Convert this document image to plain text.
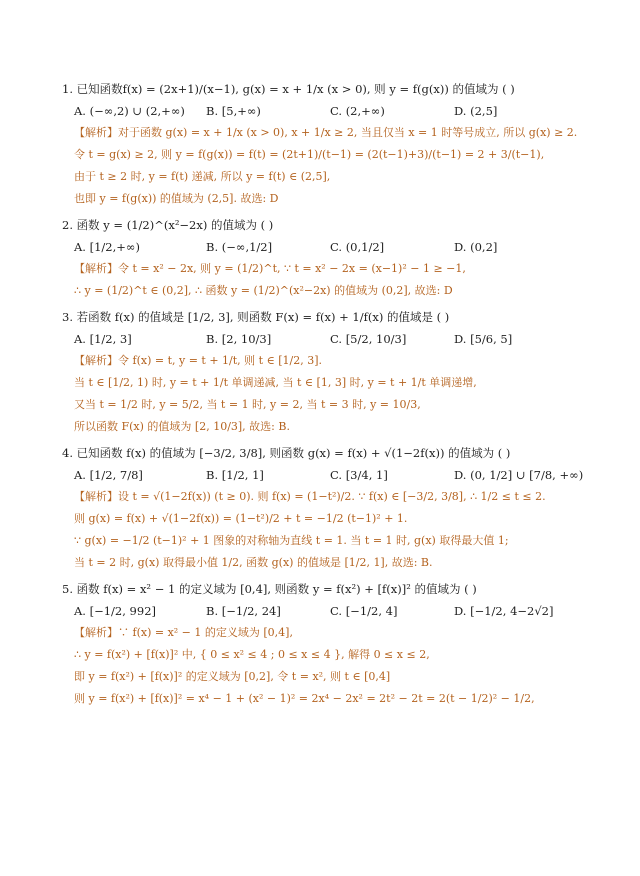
1. 已知函数f(x) = (2x+1)/(x−1), g(x) = x + 1/x (x > 0), 则 y = f(g(x)) 的值域为 ( )
A. (−∞,2) ∪ (2,+∞)	B. [5,+∞)	C. (2,+∞)	D. (2,5]
【解析】对于函数 g(x) = x + 1/x (x > 0), x + 1/x ≥ 2, 当且仅当 x = 1 时等号成立, 所以 g(x) ≥ 2.
令 t = g(x) ≥ 2, 则 y = f(g(x)) = f(t) = (2t+1)/(t−1) = (2(t−1)+3)/(t−1) = 2 + 3/(t−1),
由于 t ≥ 2 时, y = f(t) 递减, 所以 y = f(t) ∈ (2,5],
也即 y = f(g(x)) 的值域为 (2,5]. 故选: D
2. 函数 y = (1/2)^(x²−2x) 的值域为 ( )
A. [1/2,+∞)	B. (−∞,1/2]	C. (0,1/2]	D. (0,2]
【解析】令 t = x² − 2x, 则 y = (1/2)^t, ∵ t = x² − 2x = (x−1)² − 1 ≥ −1,
∴ y = (1/2)^t ∈ (0,2], ∴ 函数 y = (1/2)^(x²−2x) 的值域为 (0,2], 故选: D
3. 若函数 f(x) 的值域是 [1/2, 3], 则函数 F(x) = f(x) + 1/f(x) 的值域是 ( )
A. [1/2, 3]	B. [2, 10/3]	C. [5/2, 10/3]	D. [5/6, 5]
【解析】令 f(x) = t, y = t + 1/t, 则 t ∈ [1/2, 3].
当 t ∈ [1/2, 1) 时, y = t + 1/t 单调递减, 当 t ∈ [1, 3] 时, y = t + 1/t 单调递增,
又当 t = 1/2 时, y = 5/2, 当 t = 1 时, y = 2, 当 t = 3 时, y = 10/3,
所以函数 F(x) 的值域为 [2, 10/3], 故选: B.
4. 已知函数 f(x) 的值域为 [−3/2, 3/8], 则函数 g(x) = f(x) + √(1−2f(x)) 的值域为 ( )
A. [1/2, 7/8]	B. [1/2, 1]	C. [3/4, 1]	D. (0, 1/2] ∪ [7/8, +∞)
【解析】设 t = √(1−2f(x)) (t ≥ 0). 则 f(x) = (1−t²)/2. ∵ f(x) ∈ [−3/2, 3/8], ∴ 1/2 ≤ t ≤ 2.
则 g(x) = f(x) + √(1−2f(x)) = (1−t²)/2 + t = −1/2 (t−1)² + 1.
∵ g(x) = −1/2 (t−1)² + 1 图象的对称轴为直线 t = 1. 当 t = 1 时, g(x) 取得最大值 1;
当 t = 2 时, g(x) 取得最小值 1/2, 函数 g(x) 的值域是 [1/2, 1], 故选: B.
5. 函数 f(x) = x² − 1 的定义域为 [0,4], 则函数 y = f(x²) + [f(x)]² 的值域为 ( )
A. [−1/2, 992]	B. [−1/2, 24]	C. [−1/2, 4]	D. [−1/2, 4−2√2]
【解析】∵ f(x) = x² − 1 的定义域为 [0,4],
∴ y = f(x²) + [f(x)]² 中, { 0 ≤ x² ≤ 4 ; 0 ≤ x ≤ 4 }, 解得 0 ≤ x ≤ 2,
即 y = f(x²) + [f(x)]² 的定义域为 [0,2], 令 t = x², 则 t ∈ [0,4]
则 y = f(x²) + [f(x)]² = x⁴ − 1 + (x² − 1)² = 2x⁴ − 2x² = 2t² − 2t = 2(t − 1/2)² − 1/2,
